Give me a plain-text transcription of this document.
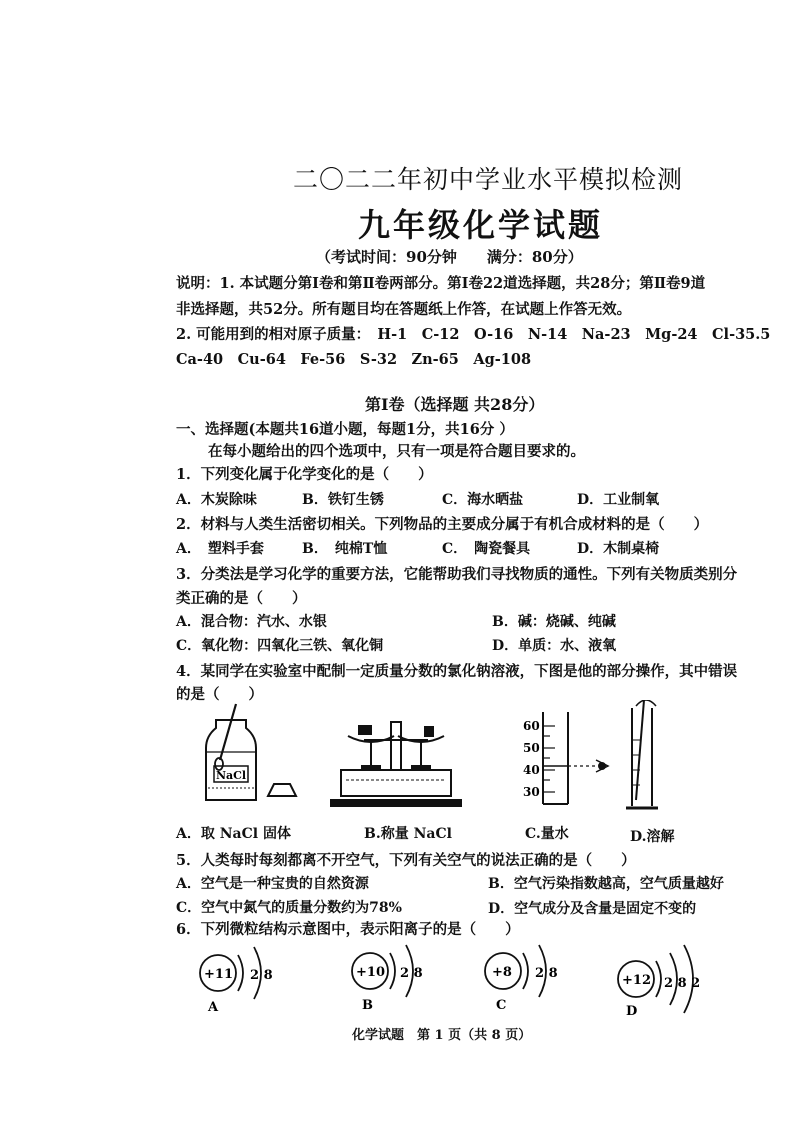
二〇二二年初中学业水平模拟检测
九年级化学试题
（考试时间：90分钟　　满分：80分）
说明：1. 本试题分第Ⅰ卷和第Ⅱ卷两部分。第Ⅰ卷22道选择题，共28分；第Ⅱ卷9道
非选择题，共52分。所有题目均在答题纸上作答，在试题上作答无效。
2. 可能用到的相对原子质量：　H-1　C-12　O-16　N-14　Na-23　Mg-24　Cl-35.5
Ca-40　Cu-64　Fe-56　S-32　Zn-65　Ag-108
第Ⅰ卷（选择题 共28分）
一、选择题(本题共16道小题，每题1分，共16分 ）
在每小题给出的四个选项中，只有一项是符合题目要求的。
1．下列变化属于化学变化的是（　　）
A．木炭除味	B．铁钉生锈	C．海水晒盐	D．工业制氧
2．材料与人类生活密切相关。下列物品的主要成分属于有机合成材料的是（　　）
A．　塑料手套	B．　纯棉T恤	C．　陶瓷餐具	D．木制桌椅
3．分类法是学习化学的重要方法，它能帮助我们寻找物质的通性。下列有关物质类别分
类正确的是（　　）
A．混合物：汽水、水银	B．碱：烧碱、纯碱
C．氧化物：四氧化三铁、氧化铜	D．单质：水、液氧
4．某同学在实验室中配制一定质量分数的氯化钠溶液，下图是他的部分操作，其中错误
的是（　　）
NaCl
60
50
40
30
A．取 NaCl 固体	B.称量 NaCl	C.量水	D.溶解
5．人类每时每刻都离不开空气，下列有关空气的说法正确的是（　　）
A．空气是一种宝贵的自然资源	B．空气污染指数越高，空气质量越好
C．空气中氮气的质量分数约为78%	D．空气成分及含量是固定不变的
6．下列微粒结构示意图中，表示阳离子的是（　　）
+11 2 8
A
+10 2 8
B
+8 2 8
C
+12 2 8 2
D
化学试题　第 1 页（共 8 页）
